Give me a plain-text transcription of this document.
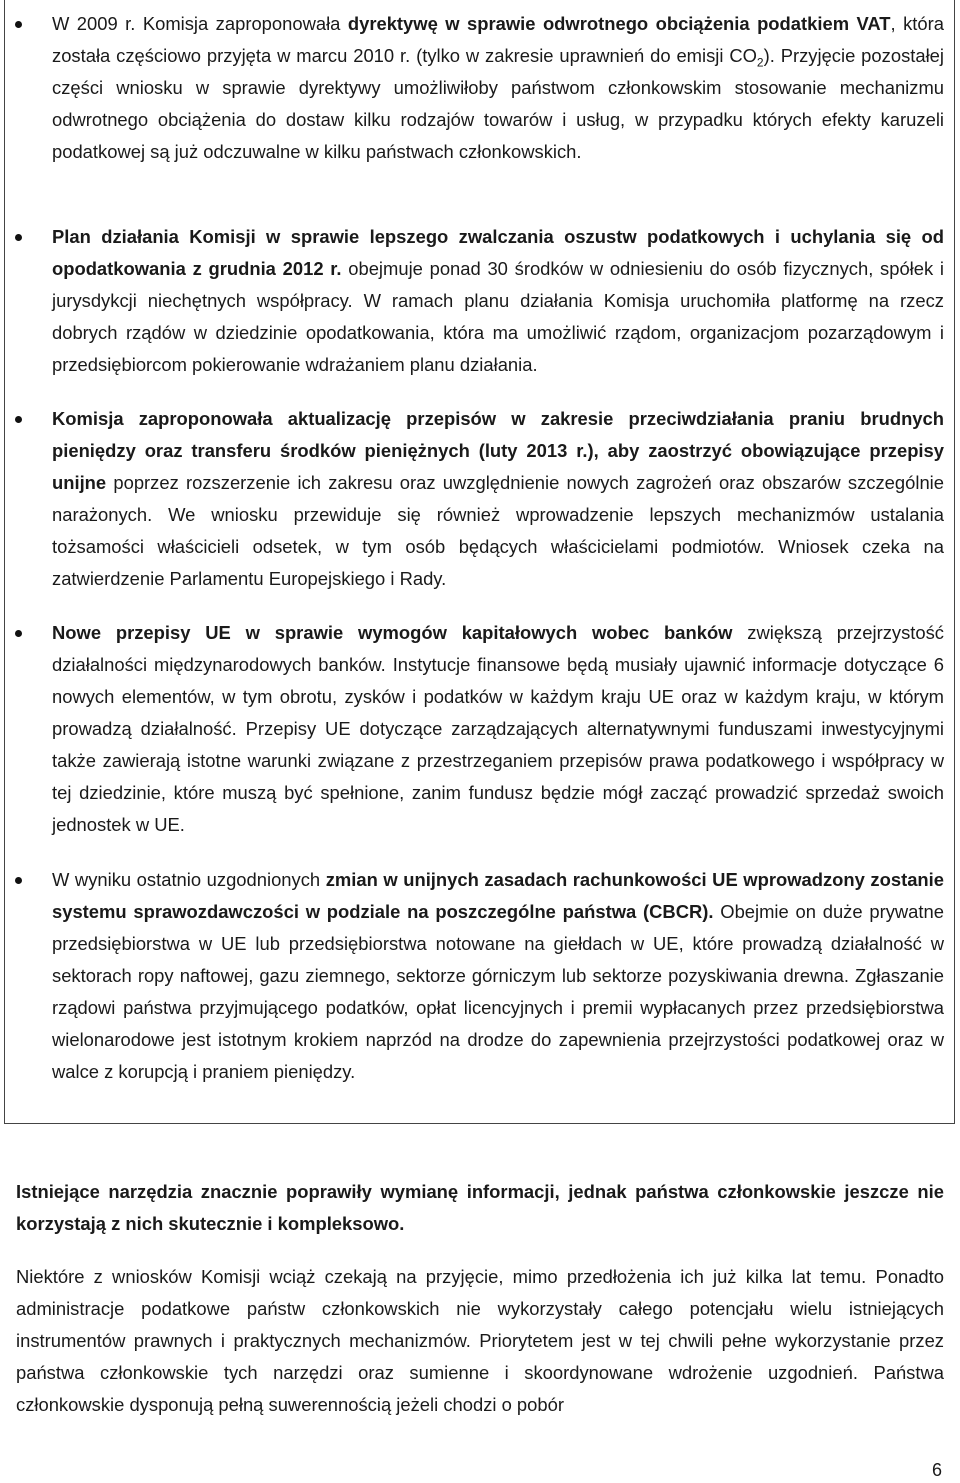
W 2009 r. Komisja zaproponowała dyrektywę w sprawie odwrotnego obciążenia podatkiem VAT, która została częściowo przyjęta w marcu 2010 r. (tylko w zakresie uprawnień do emisji $CO_2$). Przyjęcie pozostałej części wniosku w sprawie dyrektywy umożliwiłoby państwom członkowskim stosowanie mechanizmu odwrotnego obciążenia do dostaw kilku rodzajów towarów i usług, w przypadku których efekty karuzeli podatkowej są już odczuwalne w kilku państwach członkowskich.
Plan działania Komisji w sprawie lepszego zwalczania oszustw podatkowych i uchylania się od opodatkowania z grudnia 2012 r. obejmuje ponad 30 środków w odniesieniu do osób fizycznych, spółek i jurysdykcji niechętnych współpracy. W ramach planu działania Komisja uruchomiła platformę na rzecz dobrych rządów w dziedzinie opodatkowania, która ma umożliwić rządom, organizacjom pozarządowym i przedsiębiorcom pokierowanie wdrażaniem planu działania.
Komisja zaproponowała aktualizację przepisów w zakresie przeciwdziałania praniu brudnych pieniędzy oraz transferu środków pieniężnych (luty 2013 r.), aby zaostrzyć obowiązujące przepisy unijne poprzez rozszerzenie ich zakresu oraz uwzględnienie nowych zagrożeń oraz obszarów szczególnie narażonych. We wniosku przewiduje się również wprowadzenie lepszych mechanizmów ustalania tożsamości właścicieli odsetek, w tym osób będących właścicielami podmiotów. Wniosek czeka na zatwierdzenie Parlamentu Europejskiego i Rady.
Nowe przepisy UE w sprawie wymogów kapitałowych wobec banków zwiększą przejrzystość działalności międzynarodowych banków. Instytucje finansowe będą musiały ujawnić informacje dotyczące 6 nowych elementów, w tym obrotu, zysków i podatków w każdym kraju UE oraz w każdym kraju, w którym prowadzą działalność. Przepisy UE dotyczące zarządzających alternatywnymi funduszami inwestycyjnymi także zawierają istotne warunki związane z przestrzeganiem przepisów prawa podatkowego i współpracy w tej dziedzinie, które muszą być spełnione, zanim fundusz będzie mógł zacząć prowadzić sprzedaż swoich jednostek w UE.
W wyniku ostatnio uzgodnionych zmian w unijnych zasadach rachunkowości UE wprowadzony zostanie systemu sprawozdawczości w podziale na poszczególne państwa (CBCR). Obejmie on duże prywatne przedsiębiorstwa w UE lub przedsiębiorstwa notowane na giełdach w UE, które prowadzą działalność w sektorach ropy naftowej, gazu ziemnego, sektorze górniczym lub sektorze pozyskiwania drewna. Zgłaszanie rządowi państwa przyjmującego podatków, opłat licencyjnych i premii wypłacanych przez przedsiębiorstwa wielonarodowe jest istotnym krokiem naprzód na drodze do zapewnienia przejrzystości podatkowej oraz w walce z korupcją i praniem pieniędzy.
Istniejące narzędzia znacznie poprawiły wymianę informacji, jednak państwa członkowskie jeszcze nie korzystają z nich skutecznie i kompleksowo.
Niektóre z wniosków Komisji wciąż czekają na przyjęcie, mimo przedłożenia ich już kilka lat temu. Ponadto administracje podatkowe państw członkowskich nie wykorzystały całego potencjału wielu istniejących instrumentów prawnych i praktycznych mechanizmów. Priorytetem jest w tej chwili pełne wykorzystanie przez państwa członkowskie tych narzędzi oraz sumienne i skoordynowane wdrożenie uzgodnień. Państwa członkowskie dysponują pełną suwerennością jeżeli chodzi o pobór
6
